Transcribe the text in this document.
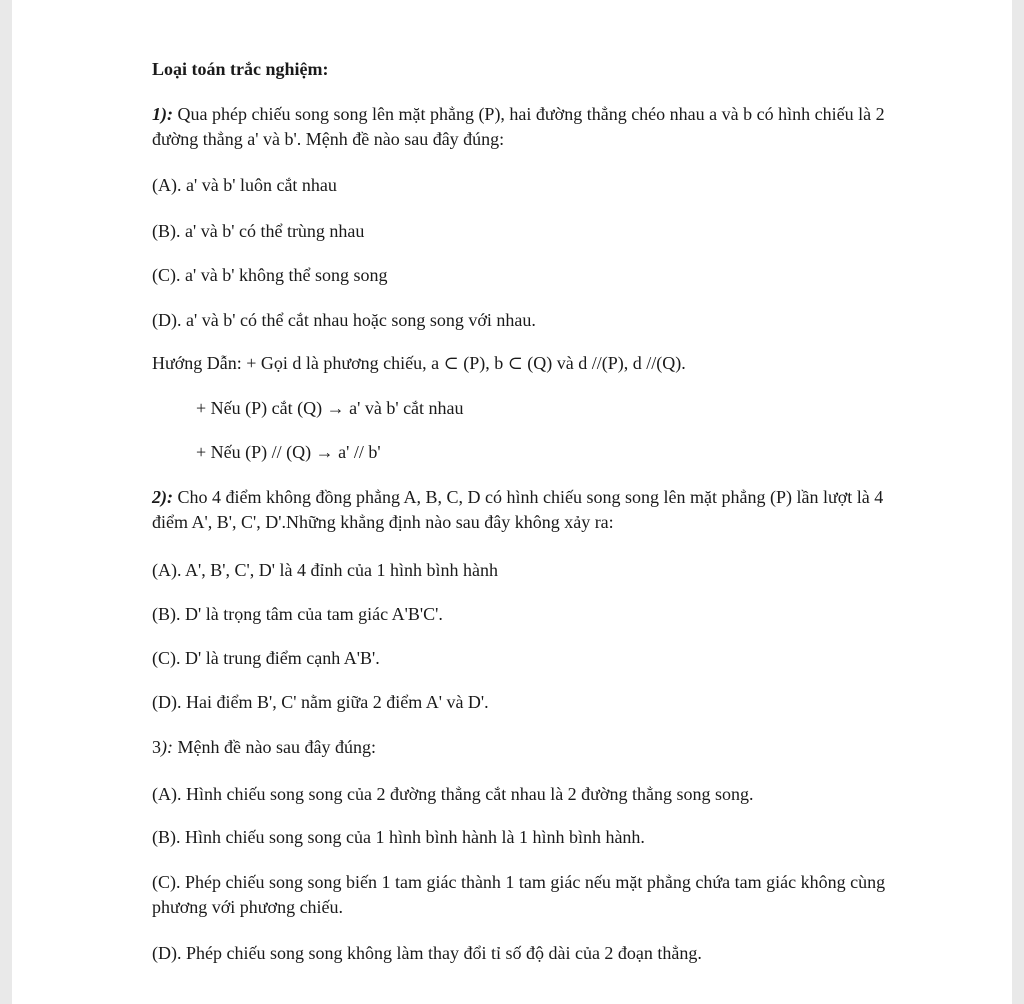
Loại toán trắc nghiệm:
1): Qua phép chiếu song song lên mặt phẳng (P), hai đường thẳng chéo nhau a và b có hình chiếu là 2 đường thẳng a' và b'. Mệnh đề nào sau đây đúng:
(A). a' và b' luôn cắt nhau
(B). a' và b' có thể trùng nhau
(C). a' và b' không thể song song
(D). a' và b' có thể cắt nhau hoặc song song với nhau.
Hướng Dẫn: + Gọi d là phương chiếu, a ⊂ (P), b ⊂ (Q) và d //(P), d //(Q).
+ Nếu (P) cắt (Q) → a' và b' cắt nhau
+ Nếu (P) // (Q) → a' // b'
2): Cho 4 điểm không đồng phẳng A, B, C, D có hình chiếu song song lên mặt phẳng (P) lần lượt là 4 điểm A', B', C', D'.Những khẳng định nào sau đây không xảy ra:
(A). A', B', C', D' là 4 đỉnh của 1 hình bình hành
(B). D' là trọng tâm của tam giác A'B'C'.
(C). D' là trung điểm cạnh A'B'.
(D). Hai điểm B', C' nằm giữa 2 điểm A' và D'.
3): Mệnh đề nào sau đây đúng:
(A). Hình chiếu song song của 2 đường thẳng cắt nhau là 2 đường thẳng song song.
(B). Hình chiếu song song của 1 hình bình hành là 1 hình bình hành.
(C). Phép chiếu song song biến 1 tam giác thành 1 tam giác nếu mặt phẳng chứa tam giác không cùng phương với phương chiếu.
(D). Phép chiếu song song không làm thay đổi tỉ số độ dài của 2 đoạn thẳng.
